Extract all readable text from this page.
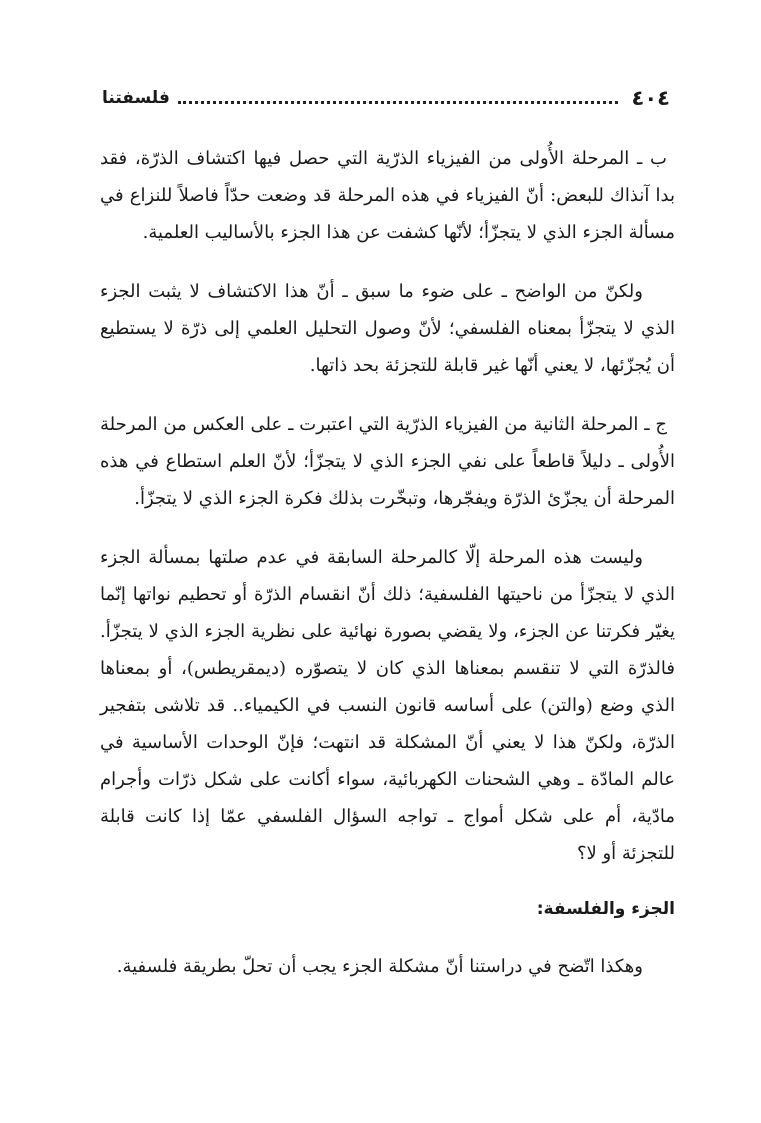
٤٠٤
فلسفتنا

ب ـ المرحلة الأُولى من الفيزياء الذرّية التي حصل فيها اكتشاف الذرّة، فقد بدا آنذاك للبعض: أنّ الفيزياء في هذه المرحلة قد وضعت حدّاً فاصلاً للنزاع في مسألة الجزء الذي لا يتجزّأ؛ لأنّها كشفت عن هذا الجزء بالأساليب العلمية.

ولكنّ من الواضح ـ على ضوء ما سبق ـ أنّ هذا الاكتشاف لا يثبت الجزء الذي لا يتجزّأ بمعناه الفلسفي؛ لأنّ وصول التحليل العلمي إلى ذرّة لا يستطيع أن يُجزّئها، لا يعني أنّها غير قابلة للتجزئة بحد ذاتها.

ج ـ المرحلة الثانية من الفيزياء الذرّية التي اعتبرت ـ على العكس من المرحلة الأُولى ـ دليلاً قاطعاً على نفي الجزء الذي لا يتجزّأ؛ لأنّ العلم استطاع في هذه المرحلة أن يجزّئ الذرّة ويفجّرها، وتبخّرت بذلك فكرة الجزء الذي لا يتجزّأ.

وليست هذه المرحلة إلّا كالمرحلة السابقة في عدم صلتها بمسألة الجزء الذي لا يتجزّأ من ناحيتها الفلسفية؛ ذلك أنّ انقسام الذرّة أو تحطيم نواتها إنّما يغيّر فكرتنا عن الجزء، ولا يقضي بصورة نهائية على نظرية الجزء الذي لا يتجزّأ. فالذرّة التي لا تنقسم بمعناها الذي كان لا يتصوّره (ديمقريطس)، أو بمعناها الذي وضع (والتن) على أساسه قانون النسب في الكيمياء.. قد تلاشى بتفجير الذرّة، ولكنّ هذا لا يعني أنّ المشكلة قد انتهت؛ فإنّ الوحدات الأساسية في عالم المادّة ـ وهي الشحنات الكهربائية، سواء أكانت على شكل ذرّات وأجرام مادّية، أم على شكل أمواج ـ تواجه السؤال الفلسفي عمّا إذا كانت قابلة للتجزئة أو لا؟

الجزء والفلسفة:

وهكذا اتّضح في دراستنا أنّ مشكلة الجزء يجب أن تحلّ بطريقة فلسفية.
